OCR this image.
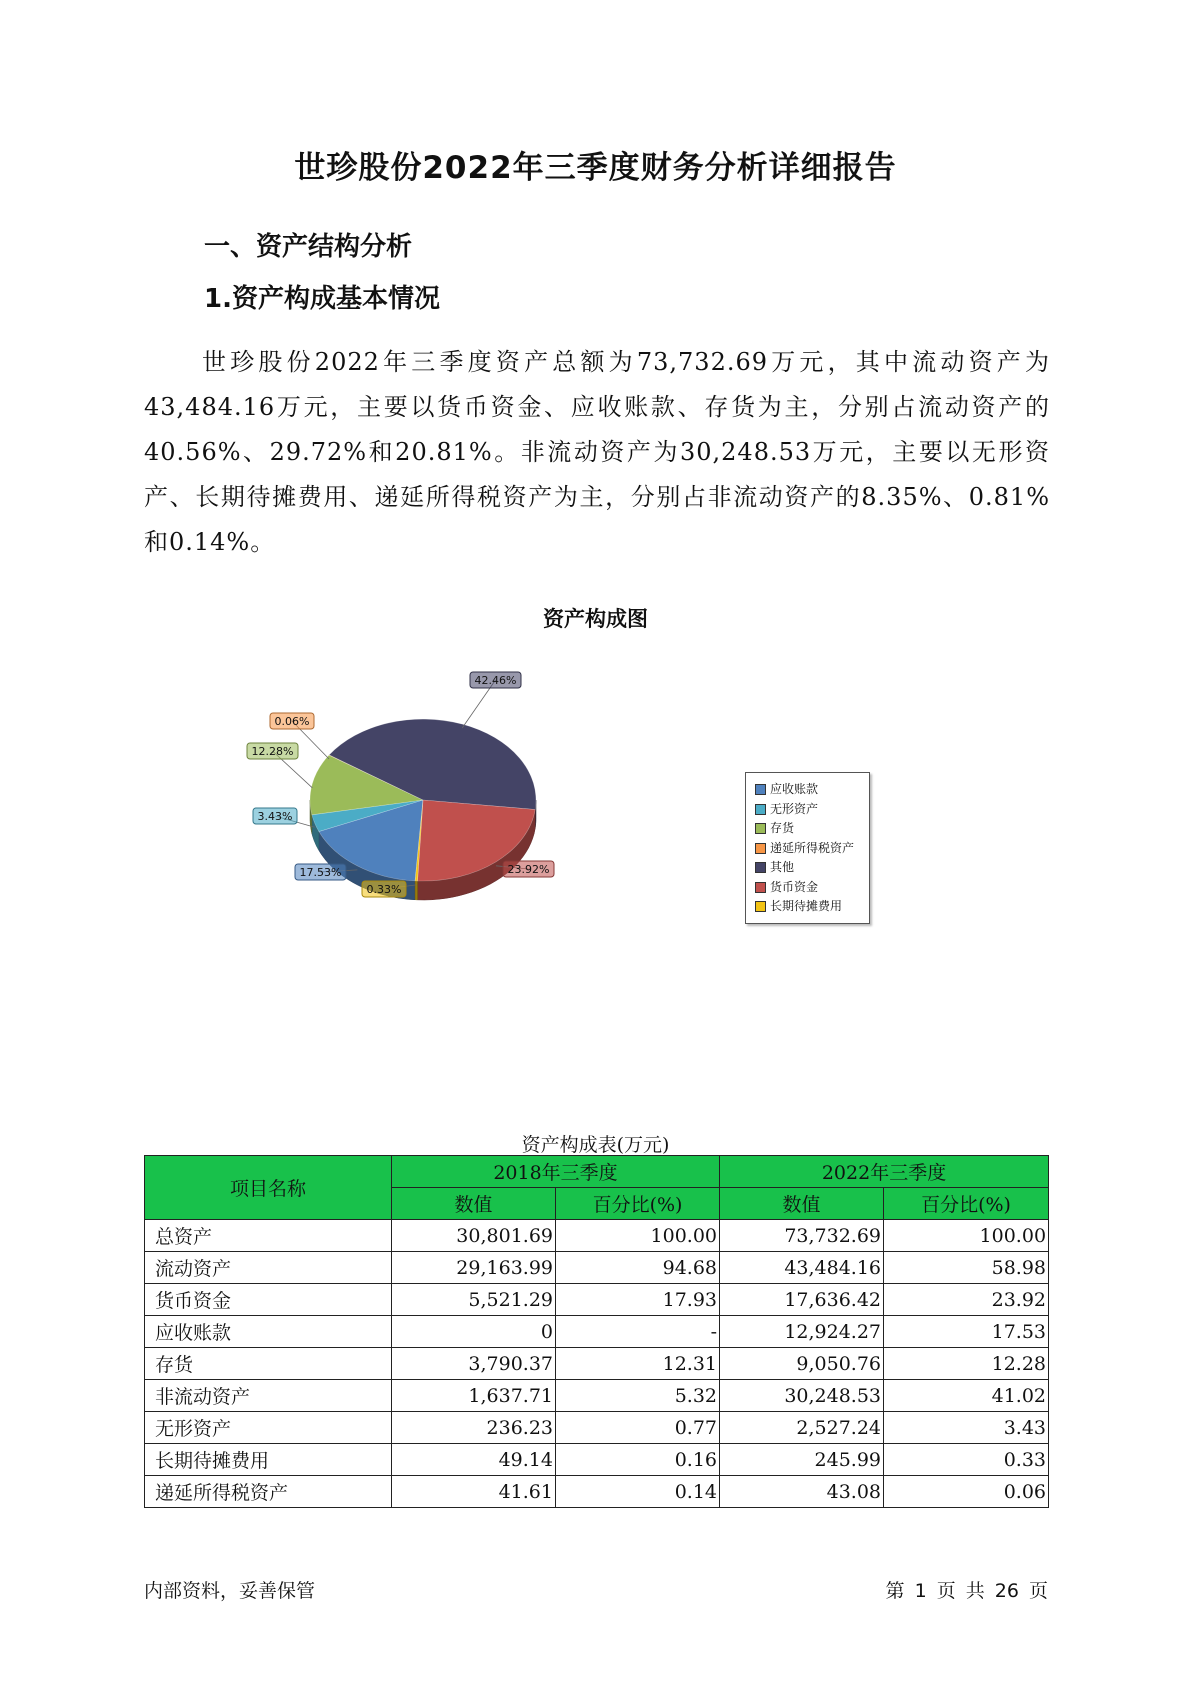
世珍股份2022年三季度财务分析详细报告
一、资产结构分析
1.资产构成基本情况
世珍股份2022年三季度资产总额为73,732.69万元，其中流动资产为43,484.16万元，主要以货币资金、应收账款、存货为主，分别占流动资产的40.56%、29.72%和20.81%。非流动资产为30,248.53万元，主要以无形资产、长期待摊费用、递延所得税资产为主，分别占非流动资产的8.35%、0.81%和0.14%。
资产构成图
17.53%
3.43%
12.28%
0.06%
42.46%
23.92%
0.33%
应收账款
无形资产
存货
递延所得税资产
其他
货币资金
长期待摊费用
资产构成表(万元)
项目名称	2018年三季度		2022年三季度	
	数值	百分比(%)	数值	百分比(%)
总资产	30,801.69	100.00	73,732.69	100.00
流动资产	29,163.99	94.68	43,484.16	58.98
货币资金	5,521.29	17.93	17,636.42	23.92
应收账款	0	-	12,924.27	17.53
存货	3,790.37	12.31	9,050.76	12.28
非流动资产	1,637.71	5.32	30,248.53	41.02
无形资产	236.23	0.77	2,527.24	3.43
长期待摊费用	49.14	0.16	245.99	0.33
递延所得税资产	41.61	0.14	43.08	0.06
内部资料，妥善保管	第 1 页 共 26 页
